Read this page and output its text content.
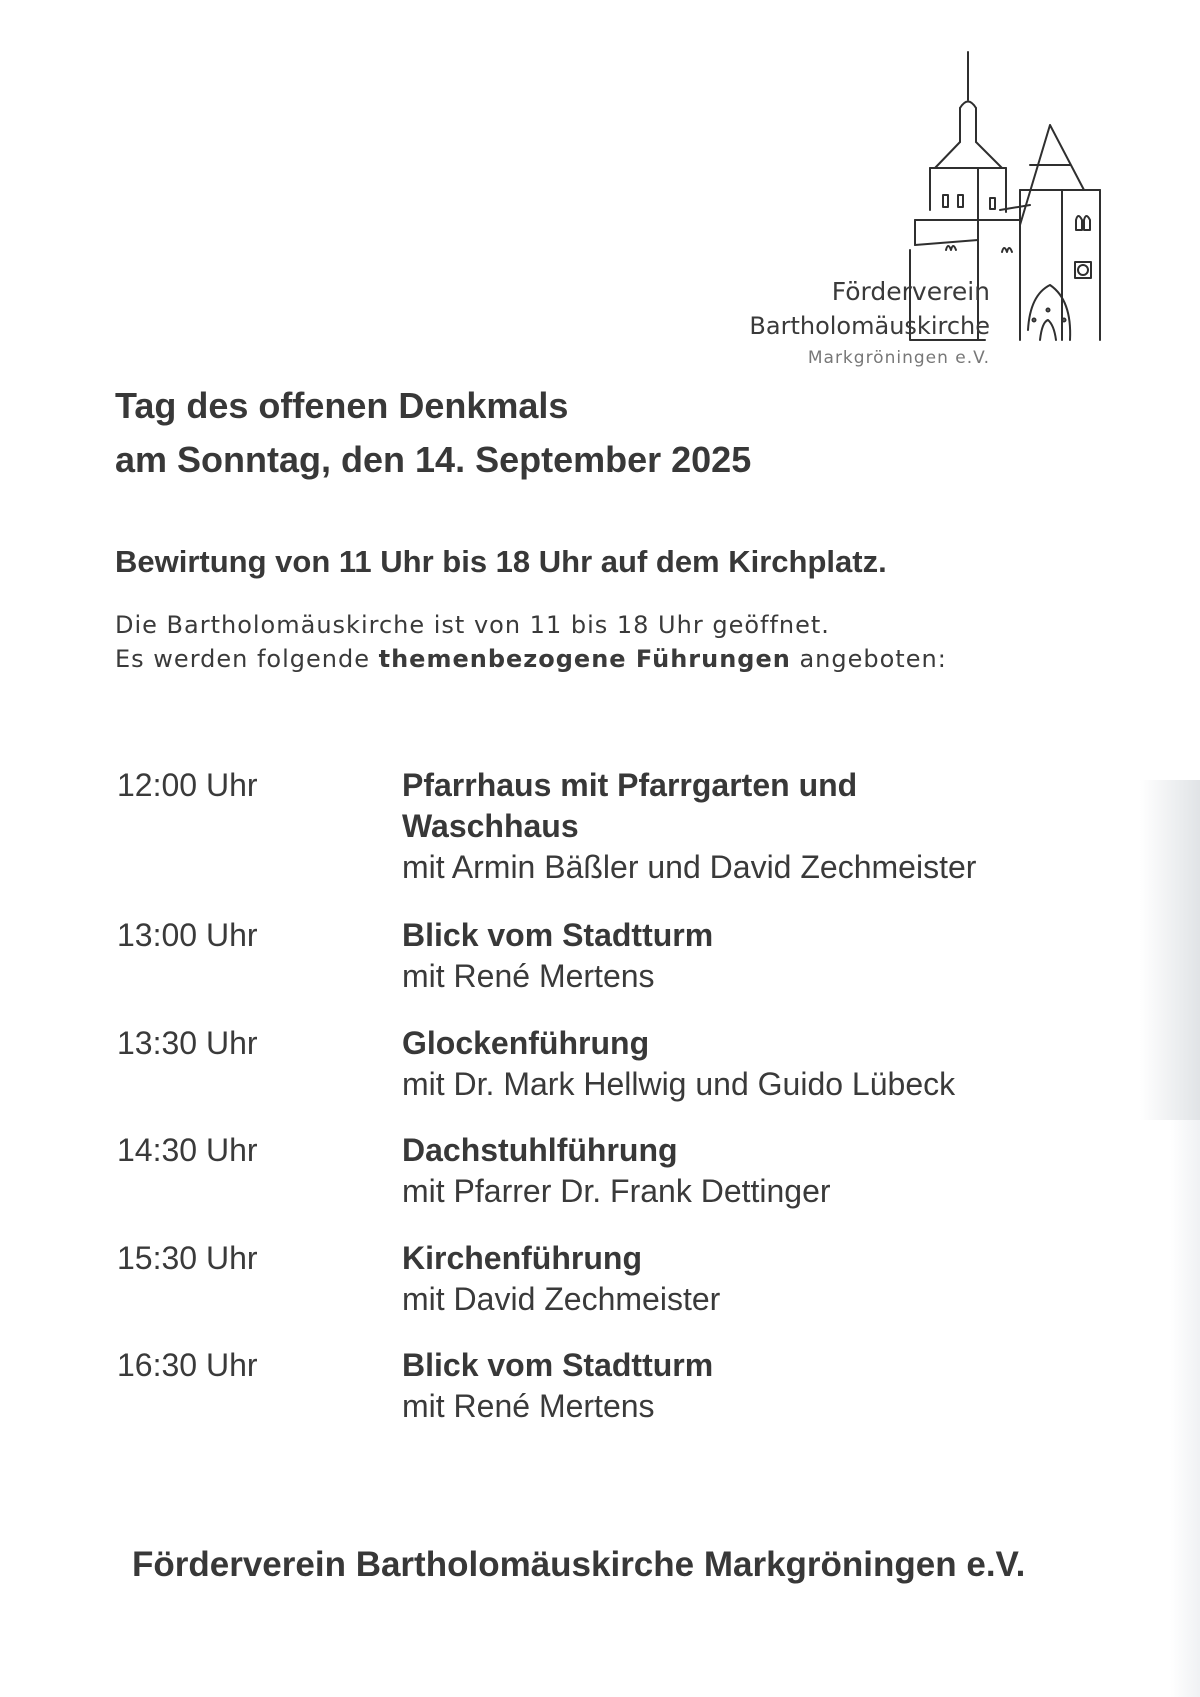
Förderverein
Bartholomäuskirche
Markgröningen e.V.
Tag des offenen Denkmals
am Sonntag, den 14. September 2025
Bewirtung von 11 Uhr bis 18 Uhr auf dem Kirchplatz.
Die Bartholomäuskirche ist von 11 bis 18 Uhr geöffnet.
Es werden folgende themenbezogene Führungen angeboten:
12:00 Uhr	Pfarrhaus mit Pfarrgarten und
Waschhaus
mit Armin Bäßler und David Zechmeister
13:00 Uhr	Blick vom Stadtturm
mit René Mertens
13:30 Uhr	Glockenführung
mit Dr. Mark Hellwig und Guido Lübeck
14:30 Uhr	Dachstuhlführung
mit Pfarrer Dr. Frank Dettinger
15:30 Uhr	Kirchenführung
mit David Zechmeister
16:30 Uhr	Blick vom Stadtturm
mit René Mertens
Förderverein Bartholomäuskirche Markgröningen e.V.
